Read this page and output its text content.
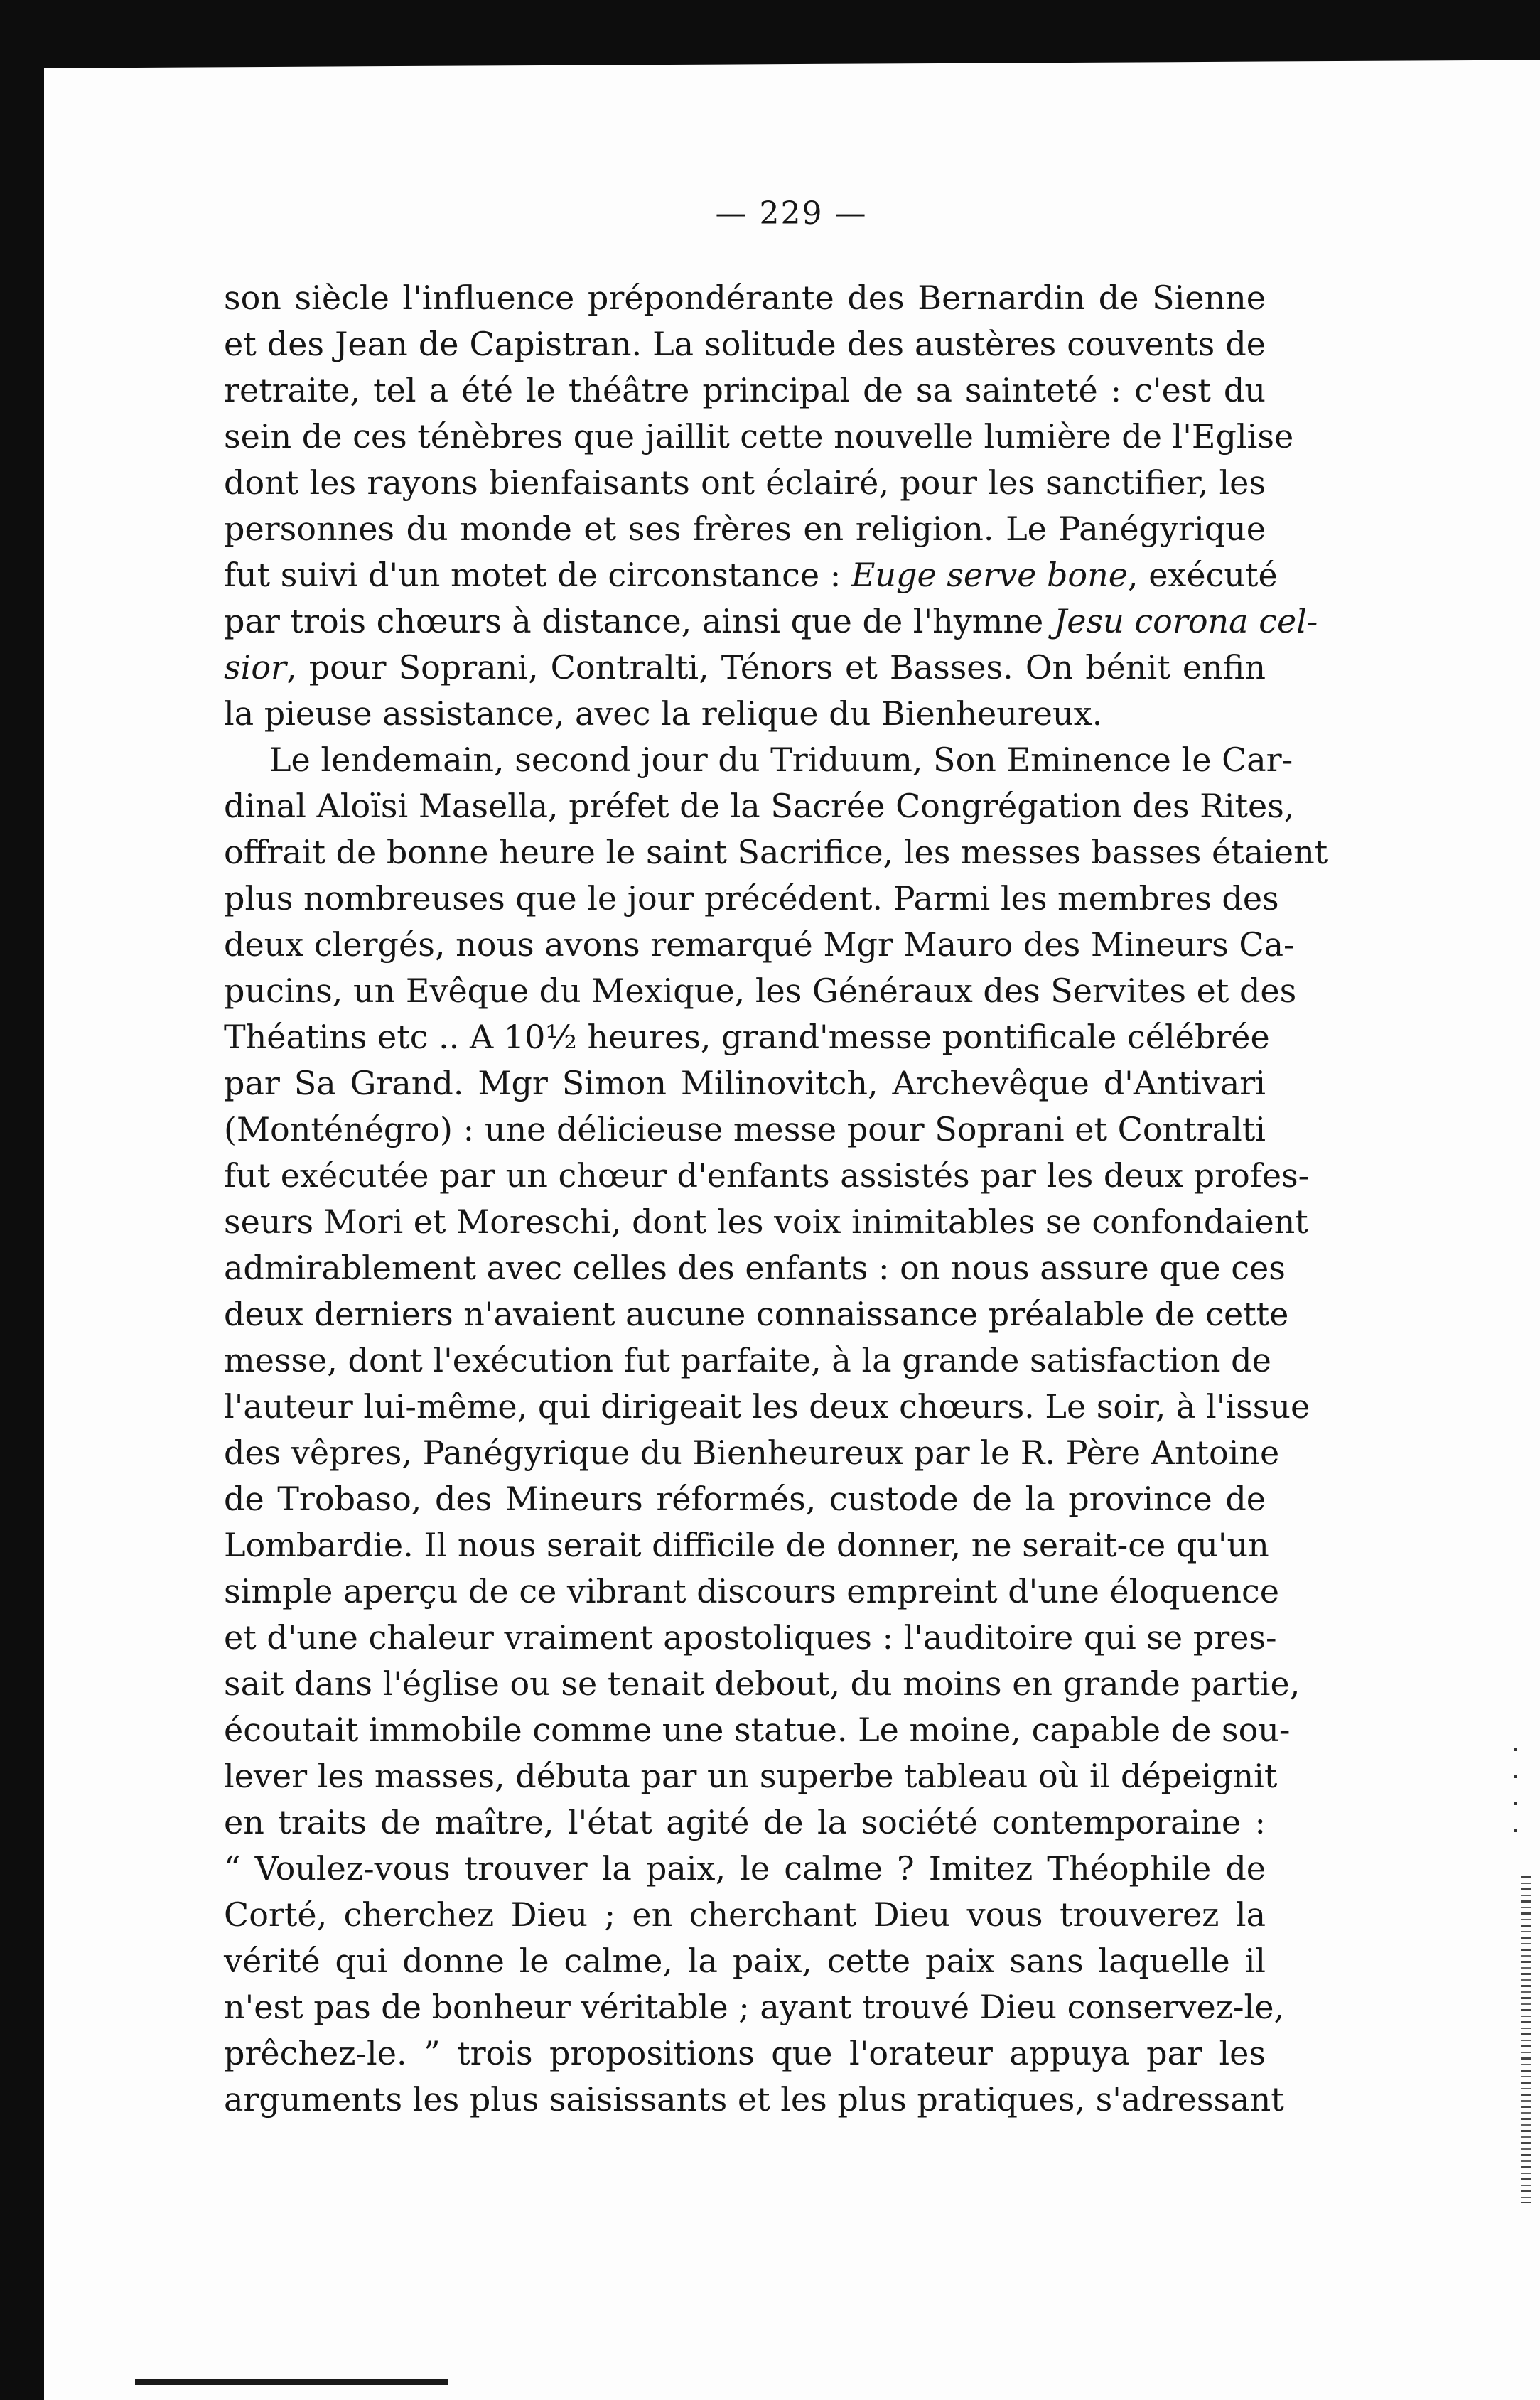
— 229 —
son siècle l'influence prépondérante des Bernardin de Sienne
et des Jean de Capistran. La solitude des austères couvents de
retraite, tel a été le théâtre principal de sa sainteté : c'est du
sein de ces ténèbres que jaillit cette nouvelle lumière de l'Eglise
dont les rayons bienfaisants ont éclairé, pour les sanctifier, les
personnes du monde et ses frères en religion. Le Panégyrique
fut suivi d'un motet de circonstance : Euge serve bone, exécuté
par trois chœurs à distance, ainsi que de l'hymne Jesu corona cel-
sior, pour Soprani, Contralti, Ténors et Basses. On bénit enfin
la pieuse assistance, avec la relique du Bienheureux.
Le lendemain, second jour du Triduum, Son Eminence le Car-
dinal Aloïsi Masella, préfet de la Sacrée Congrégation des Rites,
offrait de bonne heure le saint Sacrifice, les messes basses étaient
plus nombreuses que le jour précédent. Parmi les membres des
deux clergés, nous avons remarqué Mgr Mauro des Mineurs Ca-
pucins, un Evêque du Mexique, les Généraux des Servites et des
Théatins etc .. A 10½ heures, grand'messe pontificale célébrée
par Sa Grand. Mgr Simon Milinovitch, Archevêque d'Antivari
(Monténégro) : une délicieuse messe pour Soprani et Contralti
fut exécutée par un chœur d'enfants assistés par les deux profes-
seurs Mori et Moreschi, dont les voix inimitables se confondaient
admirablement avec celles des enfants : on nous assure que ces
deux derniers n'avaient aucune connaissance préalable de cette
messe, dont l'exécution fut parfaite, à la grande satisfaction de
l'auteur lui-même, qui dirigeait les deux chœurs. Le soir, à l'issue
des vêpres, Panégyrique du Bienheureux par le R. Père Antoine
de Trobaso, des Mineurs réformés, custode de la province de
Lombardie. Il nous serait difficile de donner, ne serait-ce qu'un
simple aperçu de ce vibrant discours empreint d'une éloquence
et d'une chaleur vraiment apostoliques : l'auditoire qui se pres-
sait dans l'église ou se tenait debout, du moins en grande partie,
écoutait immobile comme une statue. Le moine, capable de sou-
lever les masses, débuta par un superbe tableau où il dépeignit
en traits de maître, l'état agité de la société contemporaine :
“ Voulez-vous trouver la paix, le calme ? Imitez Théophile de
Corté, cherchez Dieu ; en cherchant Dieu vous trouverez la
vérité qui donne le calme, la paix, cette paix sans laquelle il
n'est pas de bonheur véritable ; ayant trouvé Dieu conservez-le,
prêchez-le. ” trois propositions que l'orateur appuya par les
arguments les plus saisissants et les plus pratiques, s'adressant
